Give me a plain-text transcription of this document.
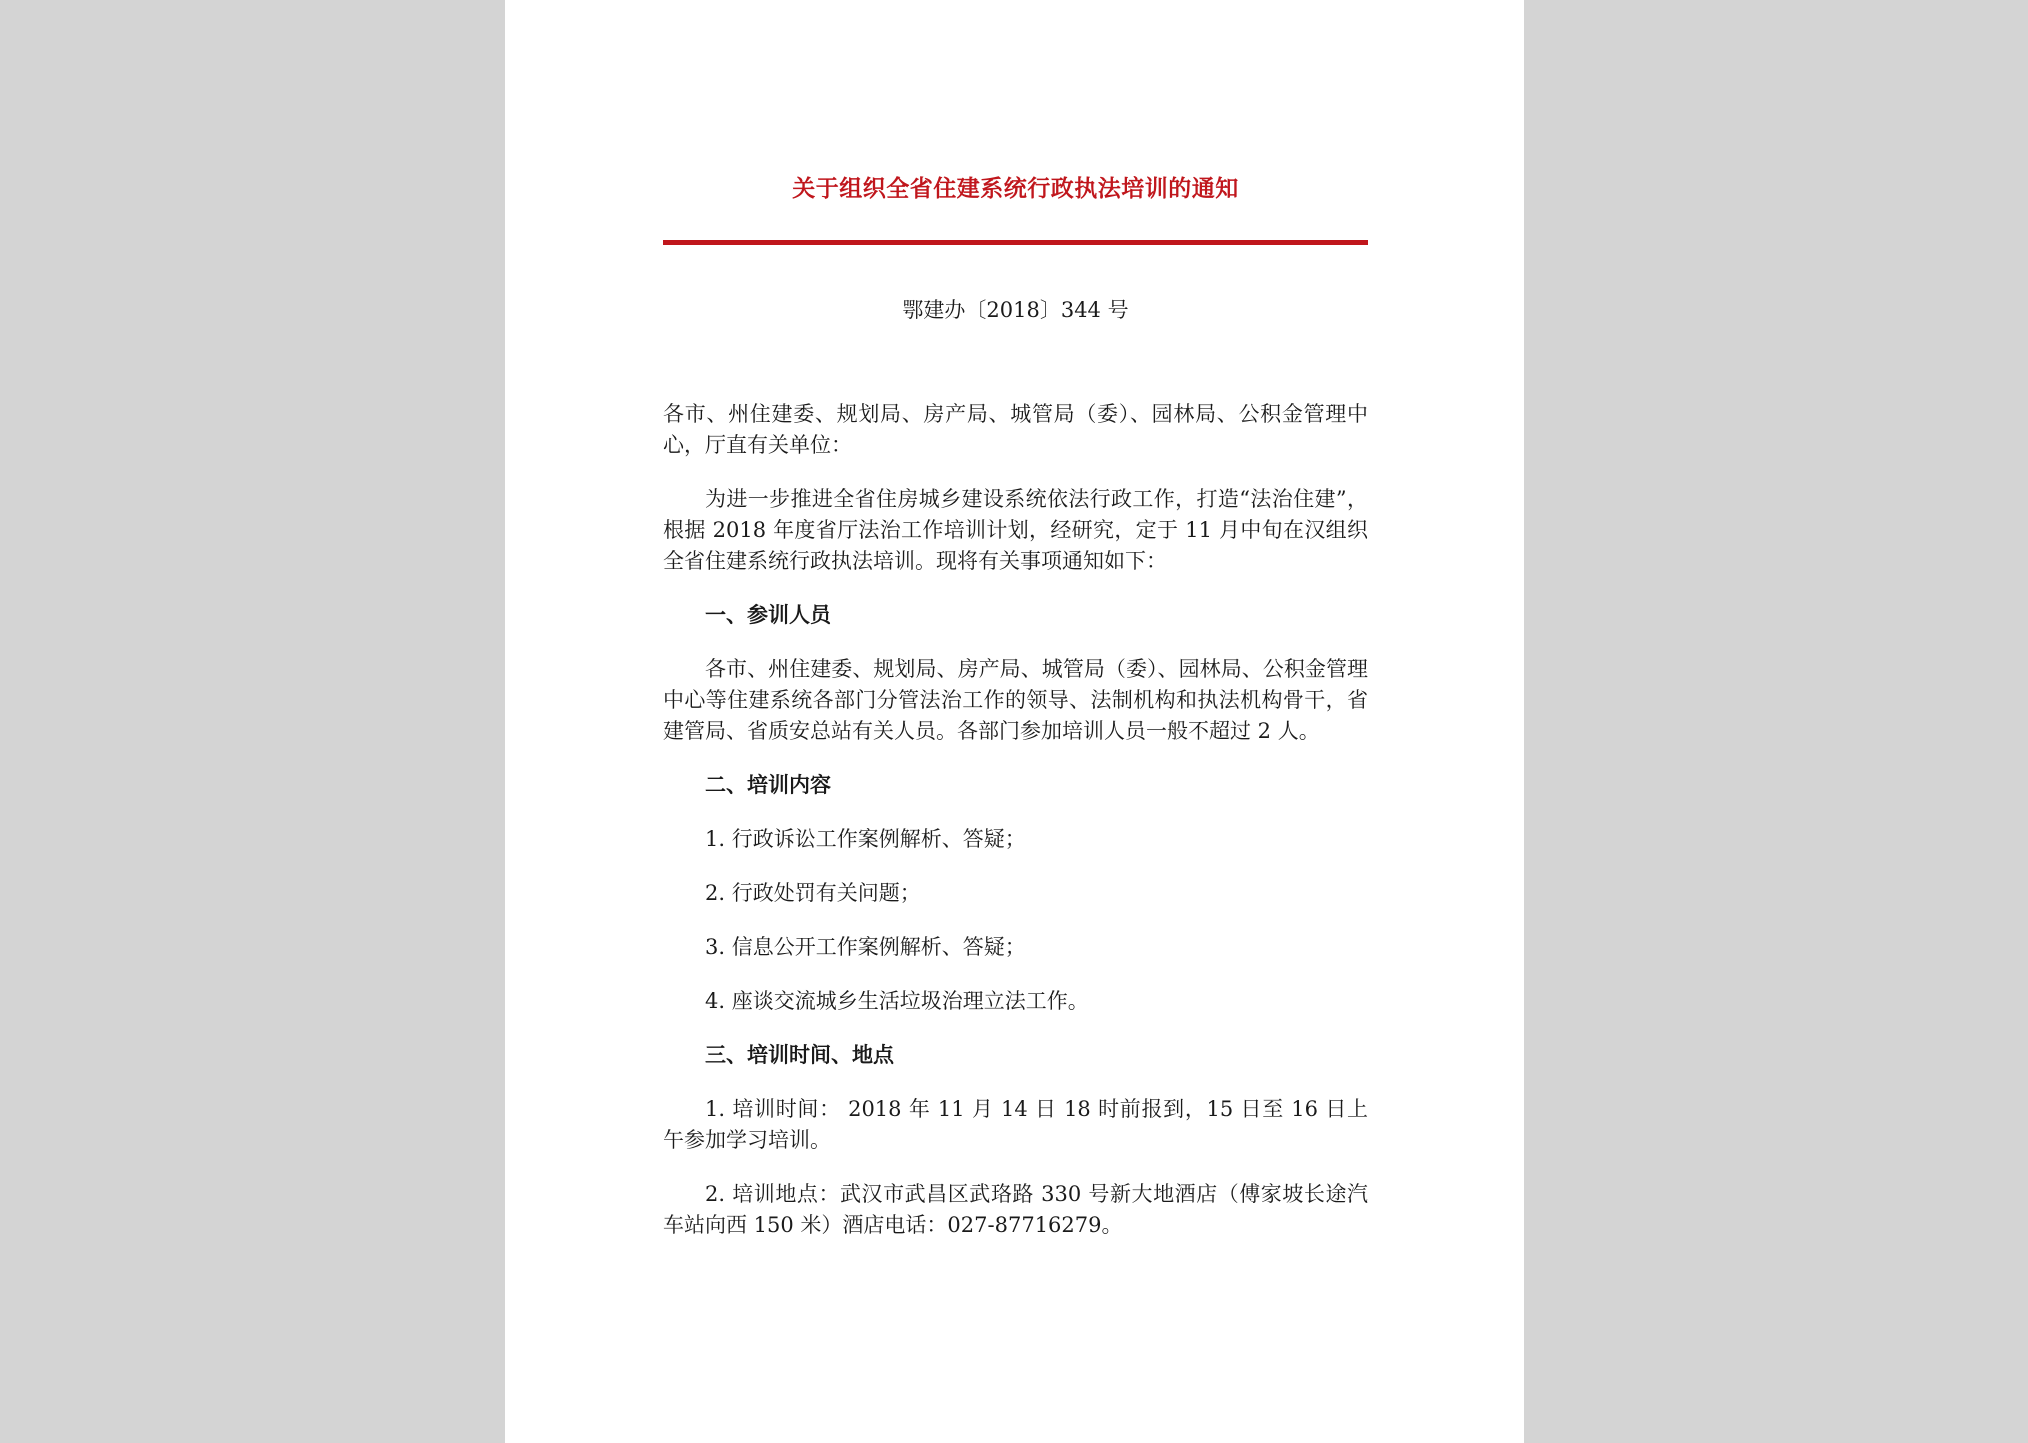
关于组织全省住建系统行政执法培训的通知
鄂建办〔2018〕344 号

各市、州住建委、规划局、房产局、城管局（委）、园林局、公积金管理中心，厅直有关单位：

为进一步推进全省住房城乡建设系统依法行政工作，打造“法治住建”，根据 2018 年度省厅法治工作培训计划，经研究，定于 11 月中旬在汉组织全省住建系统行政执法培训。现将有关事项通知如下：

一、参训人员

各市、州住建委、规划局、房产局、城管局（委）、园林局、公积金管理中心等住建系统各部门分管法治工作的领导、法制机构和执法机构骨干，省建管局、省质安总站有关人员。各部门参加培训人员一般不超过 2 人。

二、培训内容

1. 行政诉讼工作案例解析、答疑；

2. 行政处罚有关问题；

3. 信息公开工作案例解析、答疑；

4. 座谈交流城乡生活垃圾治理立法工作。

三、培训时间、地点

1. 培训时间： 2018 年 11 月 14 日 18 时前报到，15 日至 16 日上午参加学习培训。

2. 培训地点：武汉市武昌区武珞路 330 号新大地酒店（傅家坡长途汽车站向西 150 米）酒店电话：027-87716279。
